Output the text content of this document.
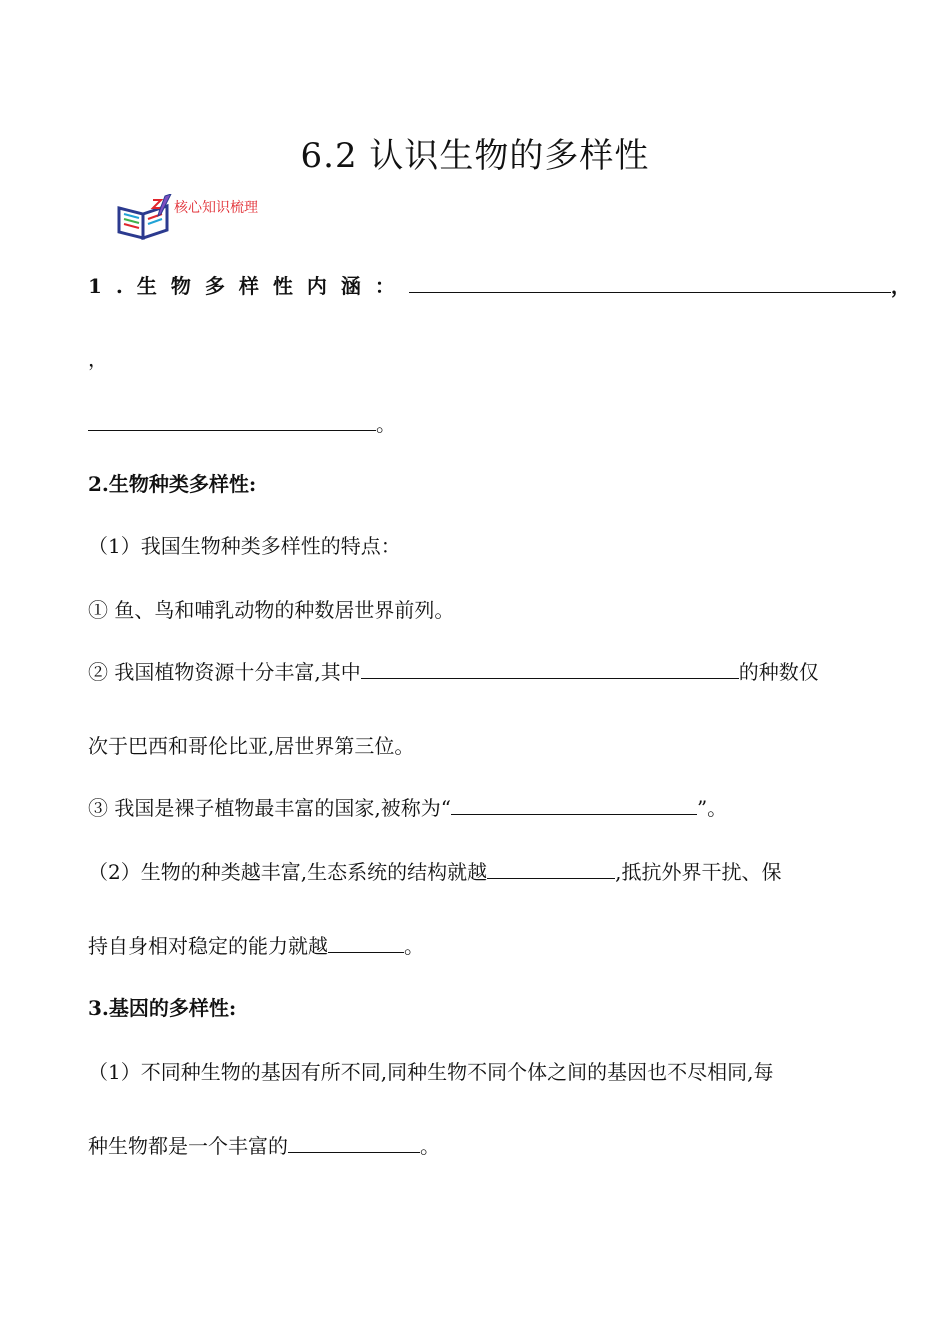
6.2 认识生物的多样性
核心知识梳理
1.生物多样性内涵：	，
，
。
2.生物种类多样性:
（1）我国生物种类多样性的特点：
① 鱼、鸟和哺乳动物的种数居世界前列。
② 我国植物资源十分丰富,其中	的种数仅
次于巴西和哥伦比亚,居世界第三位。
③ 我国是裸子植物最丰富的国家,被称为“	”。
（2）生物的种类越丰富,生态系统的结构就越	,抵抗外界干扰、保
持自身相对稳定的能力就越	。
3.基因的多样性:
（1）不同种生物的基因有所不同,同种生物不同个体之间的基因也不尽相同,每
种生物都是一个丰富的	。
